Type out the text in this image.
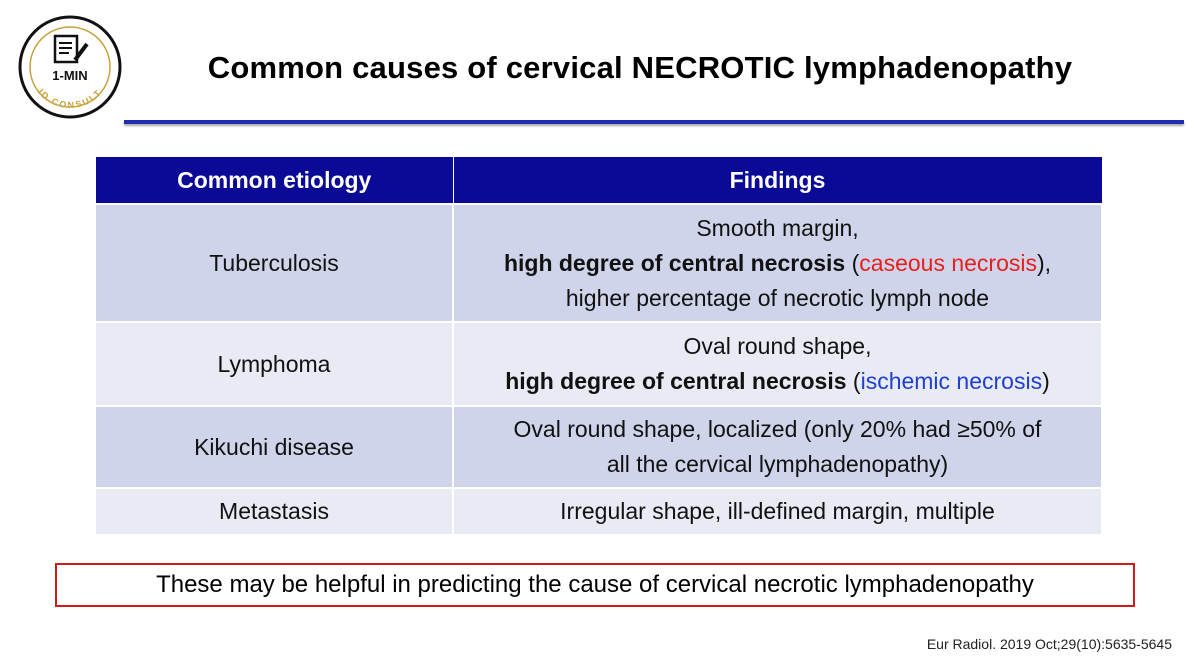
1-MIN
ID CONSULT
Common causes of cervical NECROTIC lymphadenopathy
Common etiology	Findings
Tuberculosis	Smooth margin,
high degree of central necrosis (caseous necrosis),
higher percentage of necrotic lymph node

Lymphoma	Oval round shape,
high degree of central necrosis (ischemic necrosis)

Kikuchi disease	Oval round shape, localized (only 20% had ≥50% of
all the cervical lymphadenopathy)

Metastasis	Irregular shape, ill-defined margin, multiple
These may be helpful in predicting the cause of cervical necrotic lymphadenopathy
Eur Radiol. 2019 Oct;29(10):5635-5645
